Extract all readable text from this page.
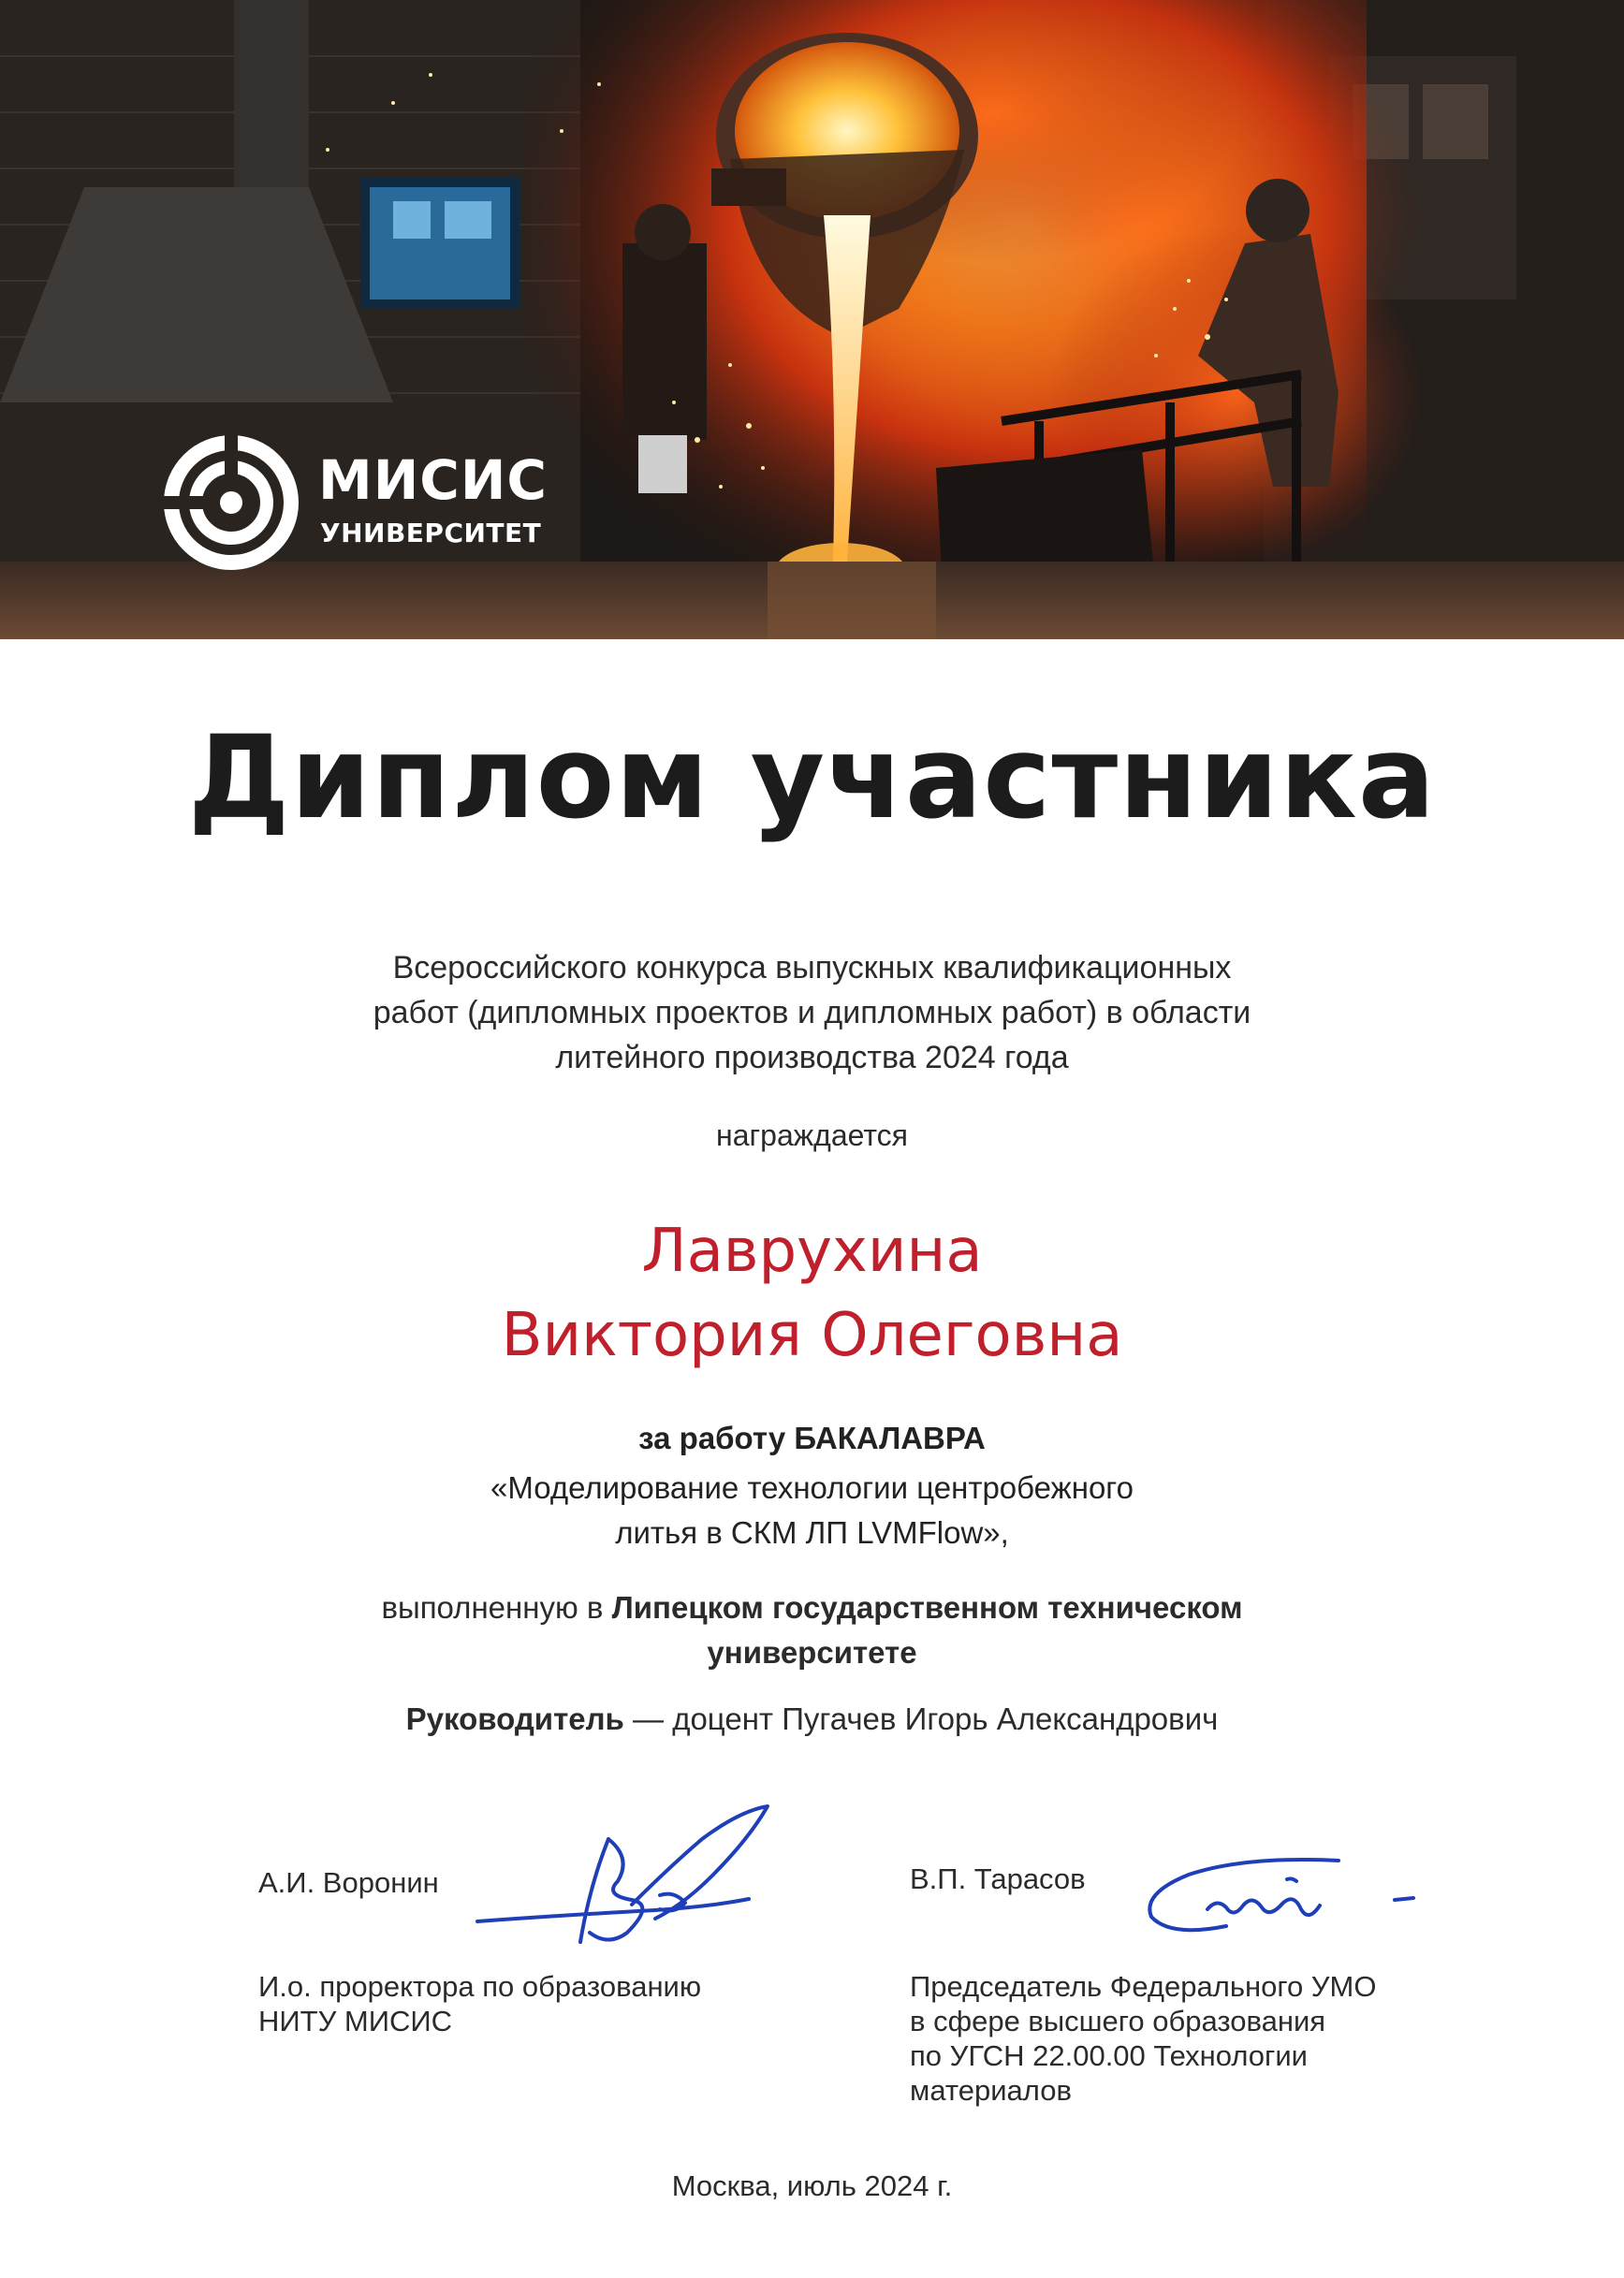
МИСИС
УНИВЕРСИТЕТ
Диплом участника
Всероссийского конкурса выпускных квалификационных
работ (дипломных проектов и дипломных работ) в области
литейного производства 2024 года
награждается
Лаврухина
Виктория Олеговна
за работу БАКАЛАВРА
«Моделирование технологии центробежного
литья в СКМ ЛП LVMFlow»,
выполненную в Липецком государственном техническом
университете
Руководитель — доцент Пугачев Игорь Александрович
А.И. Воронин
И.о. проректора по образованию
НИТУ МИСИС
В.П. Тарасов
Председатель Федерального УМО
в сфере высшего образования
по УГСН 22.00.00 Технологии
материалов
Москва, июль 2024 г.
